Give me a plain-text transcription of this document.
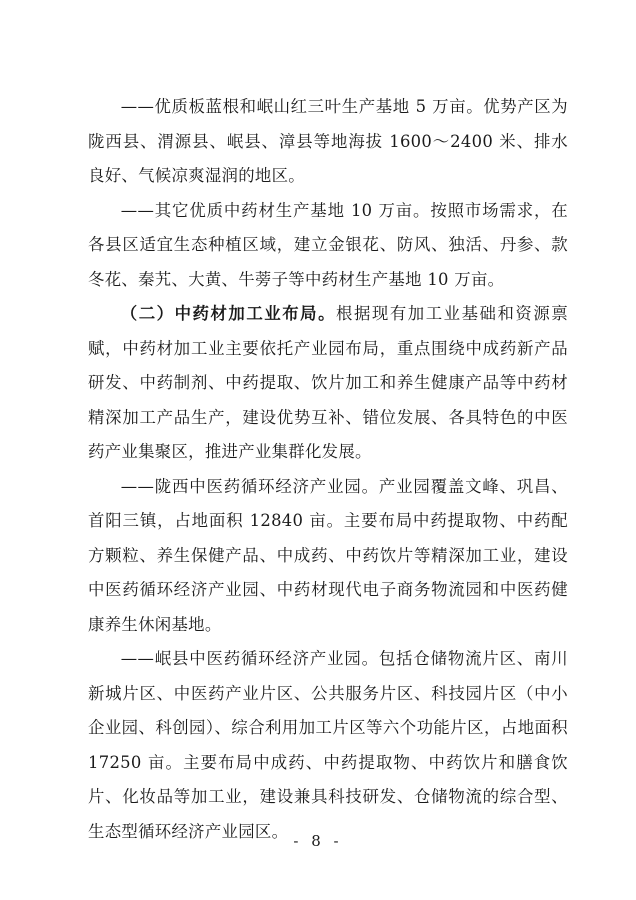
——优质板蓝根和岷山红三叶生产基地 5 万亩。优势产区为陇西县、渭源县、岷县、漳县等地海拔 1600～2400 米、排水良好、气候凉爽湿润的地区。

——其它优质中药材生产基地 10 万亩。按照市场需求，在各县区适宜生态种植区域，建立金银花、防风、独活、丹参、款冬花、秦艽、大黄、牛蒡子等中药材生产基地 10 万亩。

（二）中药材加工业布局。根据现有加工业基础和资源禀赋，中药材加工业主要依托产业园布局，重点围绕中成药新产品研发、中药制剂、中药提取、饮片加工和养生健康产品等中药材精深加工产品生产，建设优势互补、错位发展、各具特色的中医药产业集聚区，推进产业集群化发展。

——陇西中医药循环经济产业园。产业园覆盖文峰、巩昌、首阳三镇，占地面积 12840 亩。主要布局中药提取物、中药配方颗粒、养生保健产品、中成药、中药饮片等精深加工业，建设中医药循环经济产业园、中药材现代电子商务物流园和中医药健康养生休闲基地。

——岷县中医药循环经济产业园。包括仓储物流片区、南川新城片区、中医药产业片区、公共服务片区、科技园片区（中小企业园、科创园）、综合利用加工片区等六个功能片区，占地面积 17250 亩。主要布局中成药、中药提取物、中药饮片和膳食饮片、化妆品等加工业，建设兼具科技研发、仓储物流的综合型、生态型循环经济产业园区。

- 8 -
